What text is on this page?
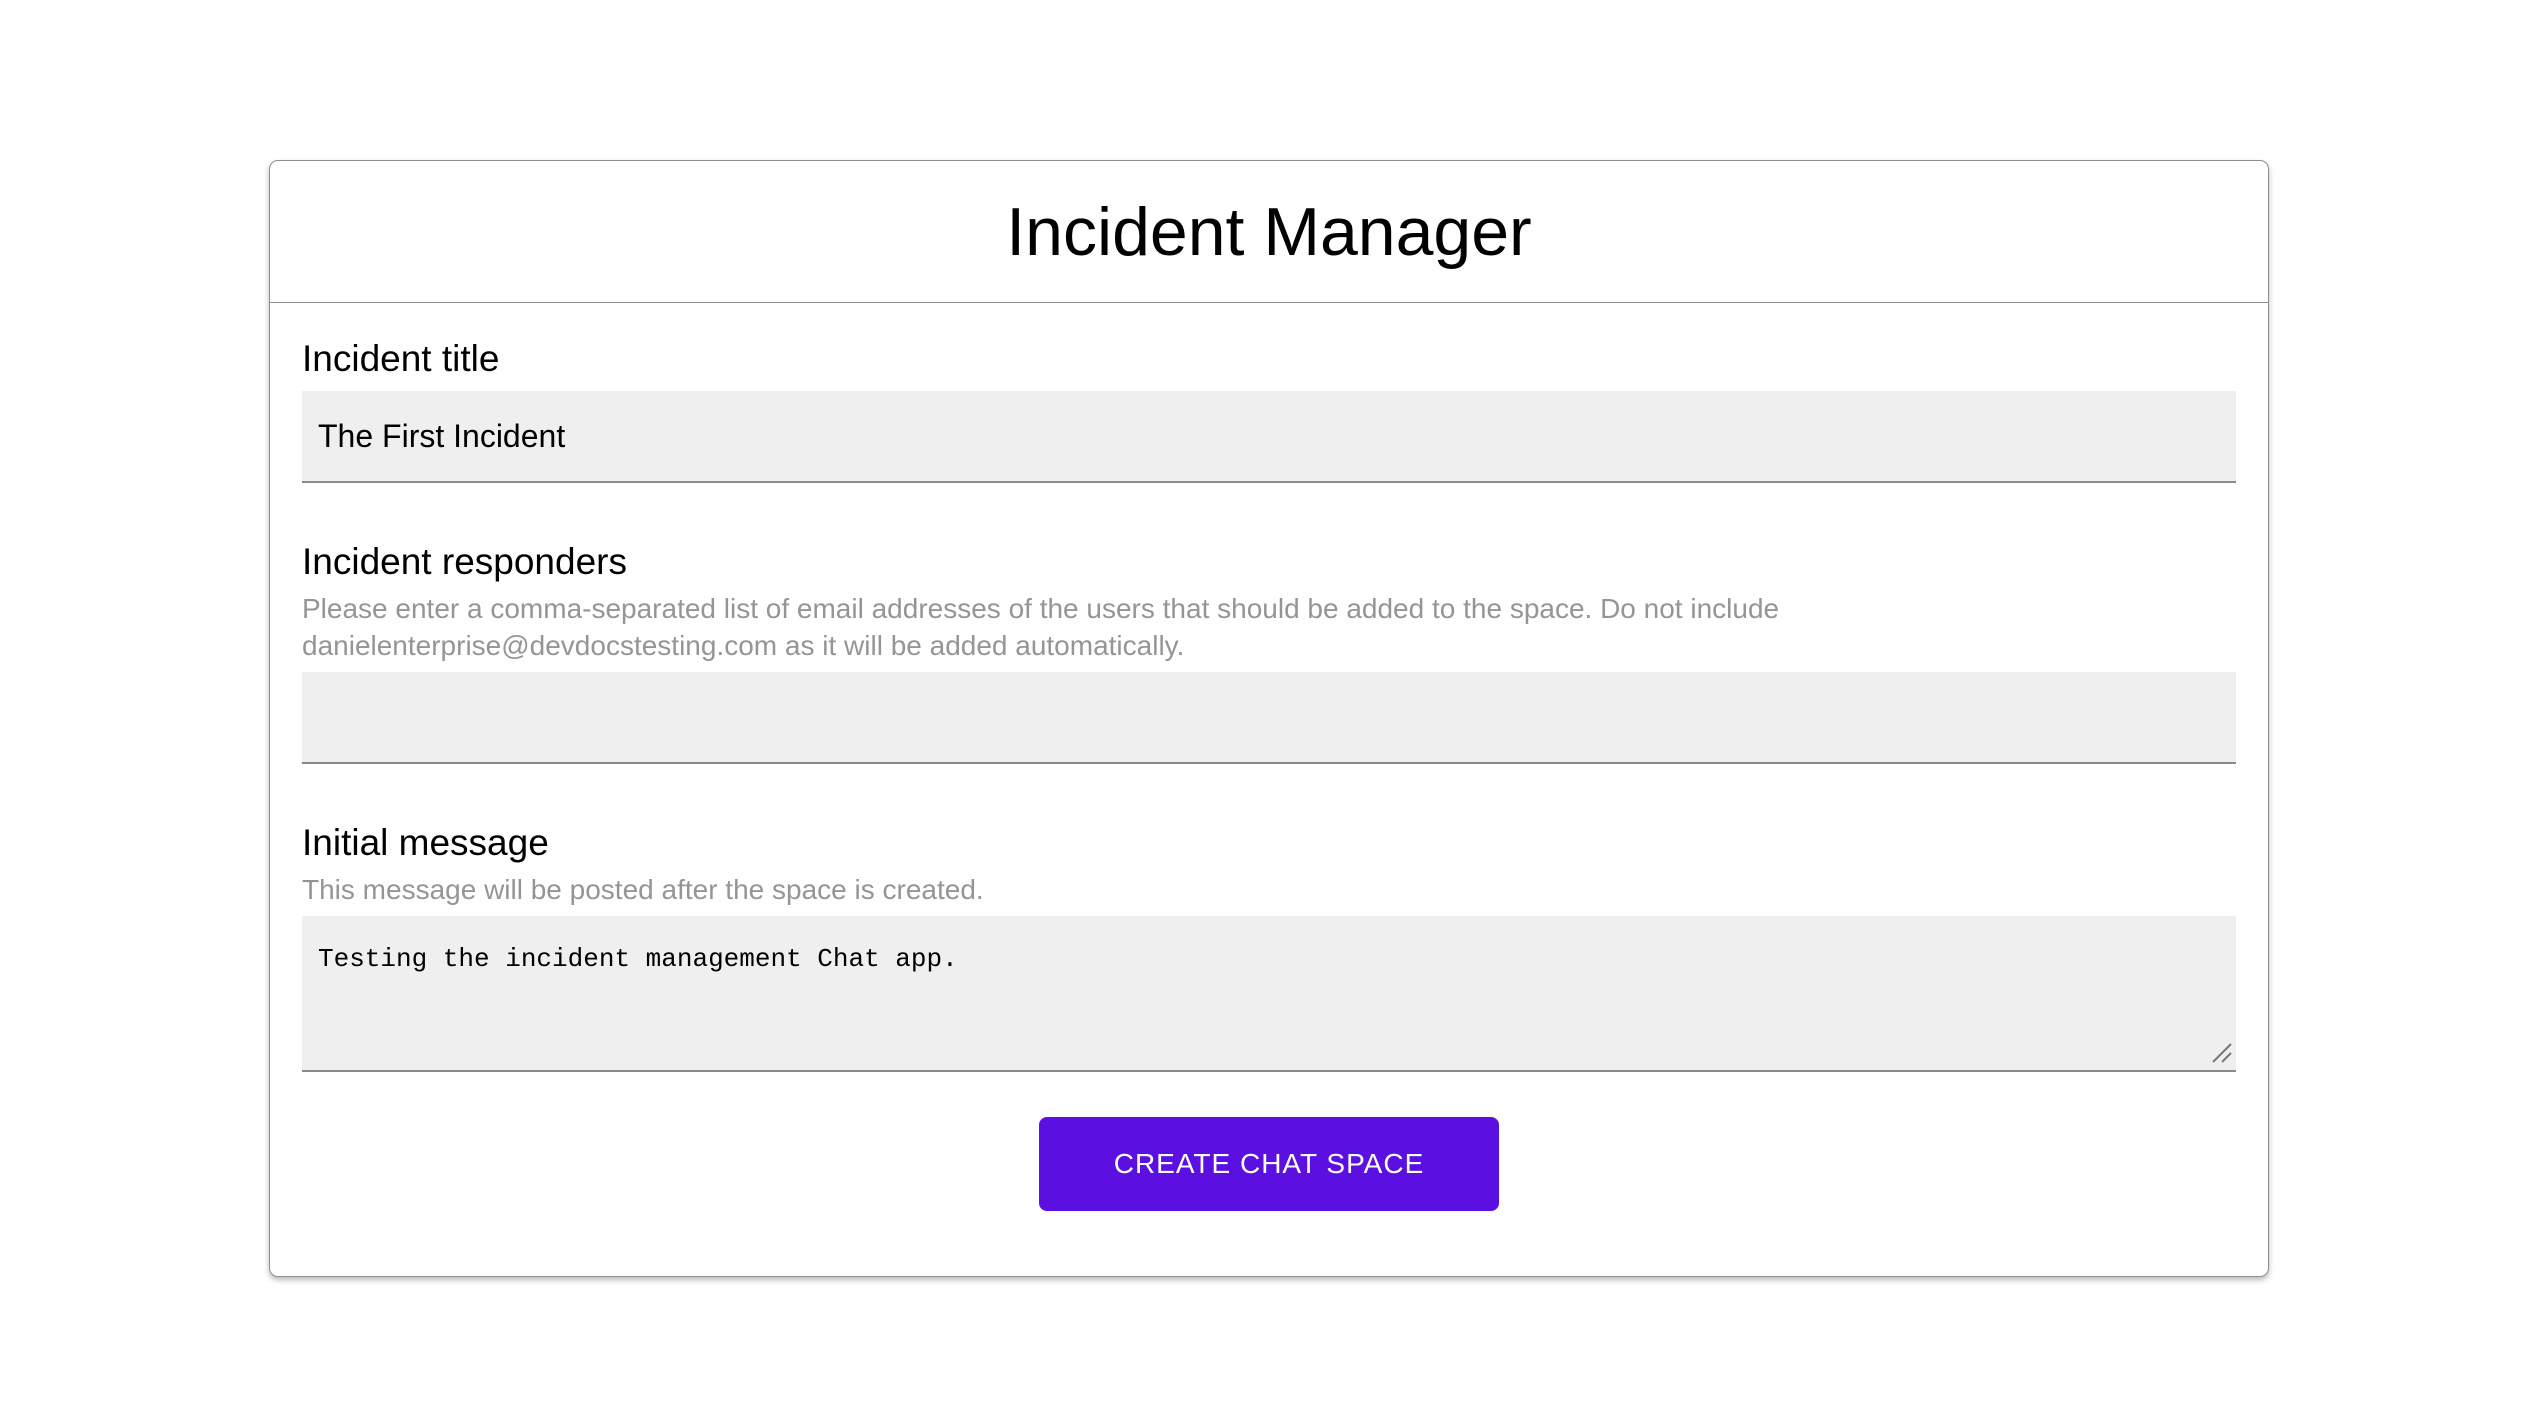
Incident Manager
Incident title
The First Incident
Incident responders
Please enter a comma-separated list of email addresses of the users that should be added to the space. Do not include danielenterprise@devdocstesting.com as it will be added automatically.
Initial message
This message will be posted after the space is created.
Testing the incident management Chat app.
CREATE CHAT SPACE
